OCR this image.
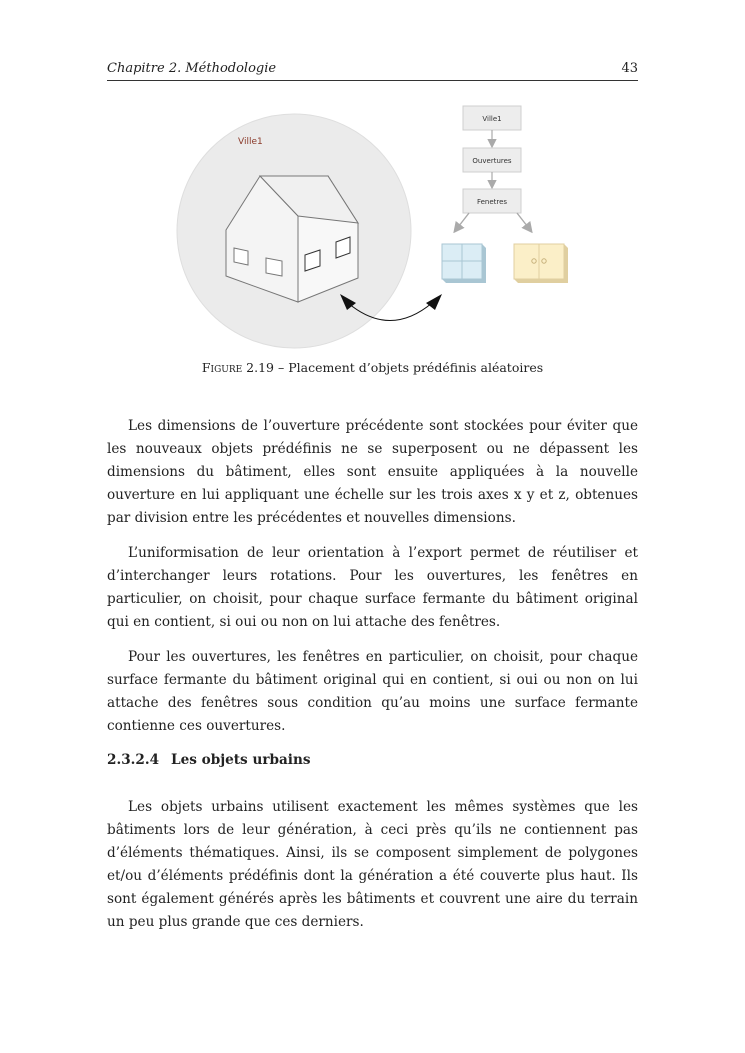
Chapitre 2. Méthodologie	43
Ville1
Ville1
Ouvertures
Fenetres
Figure 2.19 – Placement d’objets prédéfinis aléatoires

Les dimensions de l’ouverture précédente sont stockées pour éviter que les nouveaux objets prédéfinis ne se superposent ou ne dépassent les dimensions du bâtiment, elles sont ensuite appliquées à la nouvelle ouverture en lui appliquant une échelle sur les trois axes x y et z, obtenues par division entre les précédentes et nouvelles dimensions.

L’uniformisation de leur orientation à l’export permet de réutiliser et d’interchanger leurs rotations. Pour les ouvertures, les fenêtres en particulier, on choisit, pour chaque surface fermante du bâtiment original qui en contient, si oui ou non on lui attache des fenêtres.

Pour les ouvertures, les fenêtres en particulier, on choisit, pour chaque surface fermante du bâtiment original qui en contient, si oui ou non on lui attache des fenêtres sous condition qu’au moins une surface fermante contienne ces ouvertures.

2.3.2.4 Les objets urbains

Les objets urbains utilisent exactement les mêmes systèmes que les bâtiments lors de leur génération, à ceci près qu’ils ne contiennent pas d’éléments thématiques. Ainsi, ils se composent simplement de polygones et/ou d’éléments prédéfinis dont la génération a été couverte plus haut. Ils sont également générés après les bâtiments et couvrent une aire du terrain un peu plus grande que ces derniers.
